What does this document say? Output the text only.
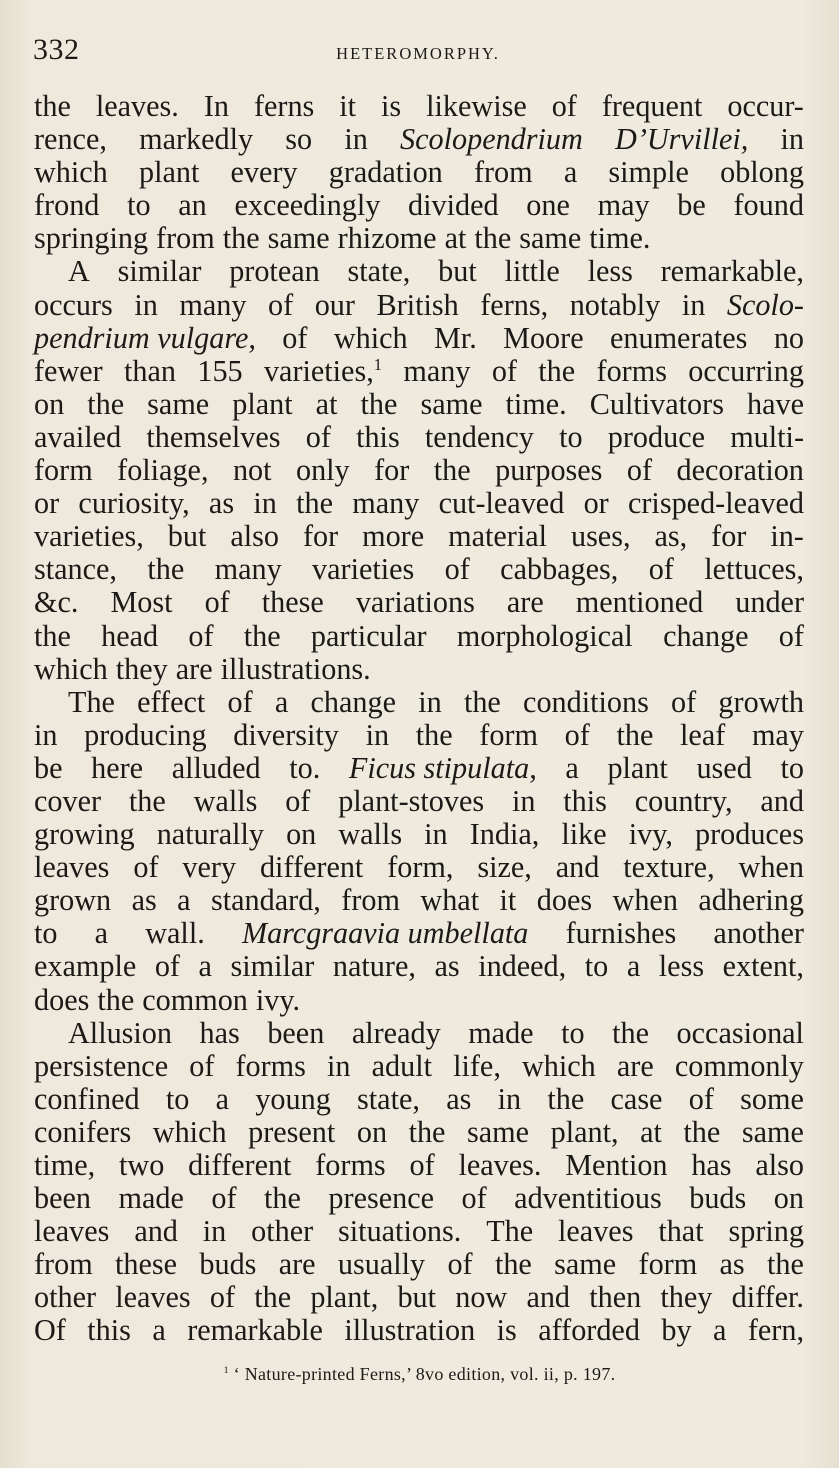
332	HETEROMORPHY.
the leaves. In ferns it is likewise of frequent occur-
rence, markedly so in Scolopendrium D’Urvillei, in
which plant every gradation from a simple oblong
frond to an exceedingly divided one may be found
springing from the same rhizome at the same time.
A similar protean state, but little less remarkable,
occurs in many of our British ferns, notably in Scolo-
pendrium vulgare, of which Mr. Moore enumerates no
fewer than 155 varieties,$^1$ many of the forms occurring
on the same plant at the same time. Cultivators have
availed themselves of this tendency to produce multi-
form foliage, not only for the purposes of decoration
or curiosity, as in the many cut-leaved or crisped-leaved
varieties, but also for more material uses, as, for in-
stance, the many varieties of cabbages, of lettuces,
&c. Most of these variations are mentioned under
the head of the particular morphological change of
which they are illustrations.
The effect of a change in the conditions of growth
in producing diversity in the form of the leaf may
be here alluded to. Ficus stipulata, a plant used to
cover the walls of plant-stoves in this country, and
growing naturally on walls in India, like ivy, produces
leaves of very different form, size, and texture, when
grown as a standard, from what it does when adhering
to a wall. Marcgraavia umbellata furnishes another
example of a similar nature, as indeed, to a less extent,
does the common ivy.
Allusion has been already made to the occasional
persistence of forms in adult life, which are commonly
confined to a young state, as in the case of some
conifers which present on the same plant, at the same
time, two different forms of leaves. Mention has also
been made of the presence of adventitious buds on
leaves and in other situations. The leaves that spring
from these buds are usually of the same form as the
other leaves of the plant, but now and then they differ.
Of this a remarkable illustration is afforded by a fern,
$^1$ ‘ Nature-printed Ferns,’ 8vo edition, vol. ii, p. 197.
